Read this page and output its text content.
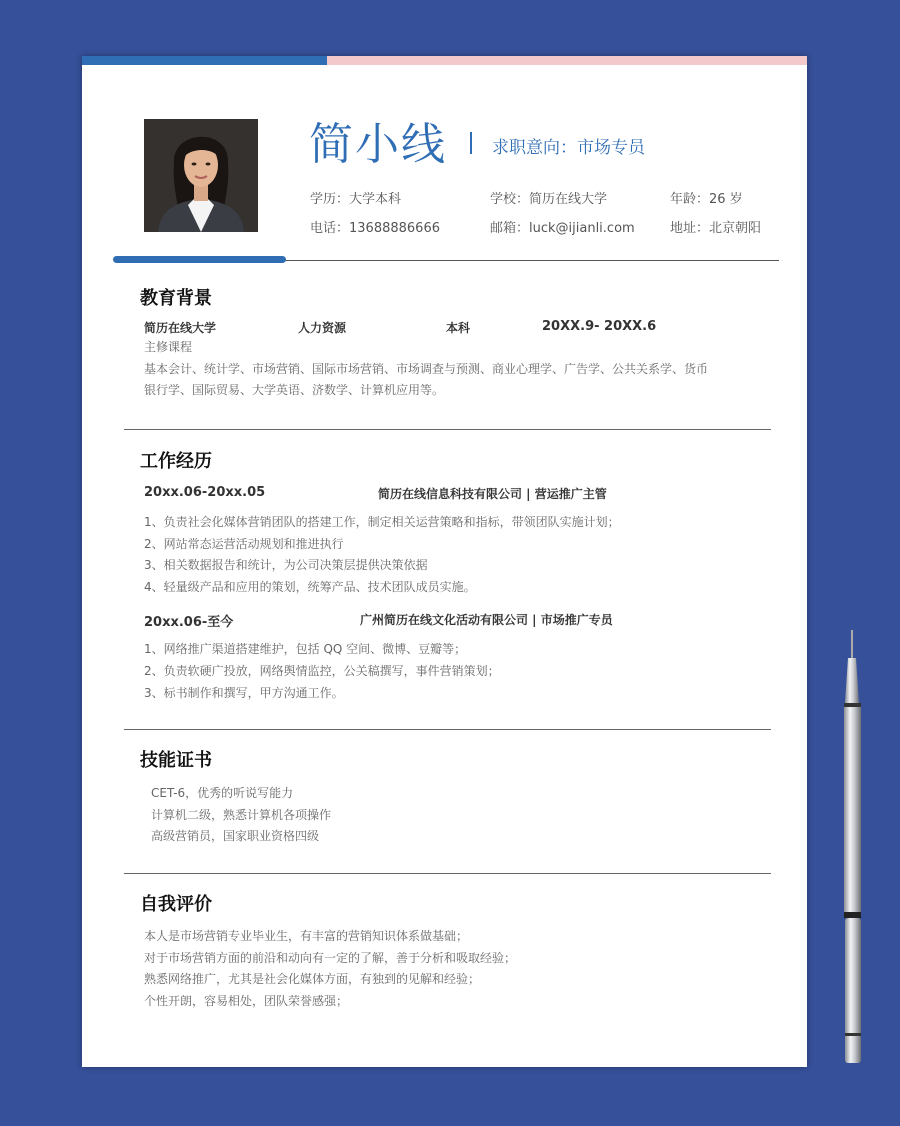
简小线	求职意向：市场专员
学历：大学本科	学校：简历在线大学	年龄：26 岁
电话：13688886666	邮箱：luck@ijianli.com	地址：北京朝阳
教育背景
简历在线大学	人力资源	本科	20XX.9- 20XX.6
主修课程
基本会计、统计学、市场营销、国际市场营销、市场调查与预测、商业心理学、广告学、公共关系学、货币
银行学、国际贸易、大学英语、济数学、计算机应用等。
工作经历
20xx.06-20xx.05	简历在线信息科技有限公司 | 营运推广主管
1、负责社会化媒体营销团队的搭建工作，制定相关运营策略和指标，带领团队实施计划；
2、网站常态运营活动规划和推进执行
3、相关数据报告和统计，为公司决策层提供决策依据
4、轻量级产品和应用的策划，统筹产品、技术团队成员实施。
20xx.06-至今	广州简历在线文化活动有限公司 | 市场推广专员
1、网络推广渠道搭建维护，包括 QQ 空间、微博、豆瓣等；
2、负责软硬广投放，网络舆情监控，公关稿撰写，事件营销策划；
3、标书制作和撰写，甲方沟通工作。
技能证书
CET-6，优秀的听说写能力
计算机二级，熟悉计算机各项操作
高级营销员，国家职业资格四级
自我评价
本人是市场营销专业毕业生，有丰富的营销知识体系做基础；
对于市场营销方面的前沿和动向有一定的了解，善于分析和吸取经验；
熟悉网络推广，尤其是社会化媒体方面，有独到的见解和经验；
个性开朗，容易相处，团队荣誉感强；
